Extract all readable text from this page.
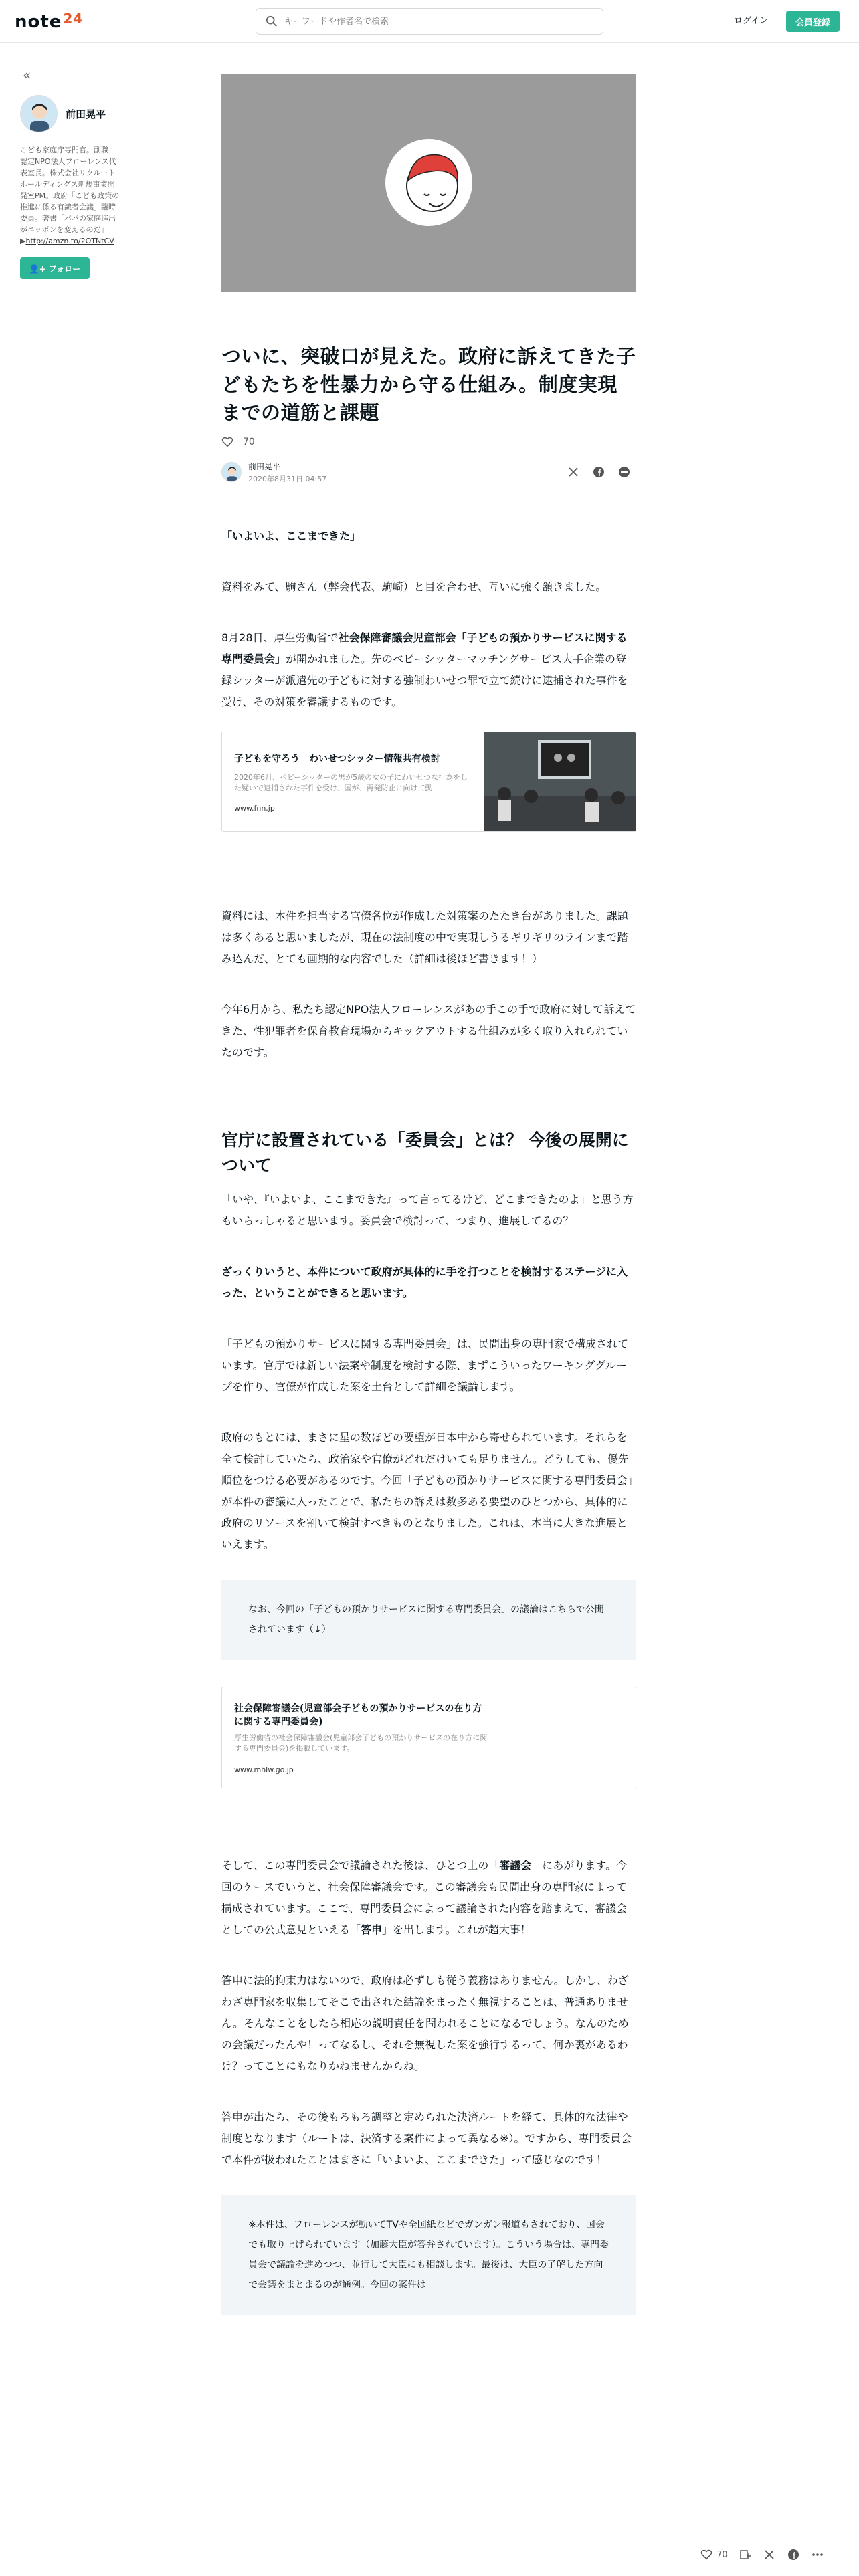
note 24
キーワードや作者名で検索	ログイン	会員登録
«
前田晃平
こども家庭庁専門官。副職：認定NPO法人フローレンス代表室長。株式会社リクルートホールディングス新規事業開発室PM。政府「こども政策の推進に係る有識者会議」臨時委員。著書「パパの家庭進出がニッポンを変えるのだ」
▶http://amzn.to/2OTNtCV
👤+ フォロー
ついに、突破口が見えた。政府に訴えてきた子どもたちを性暴力から守る仕組み。制度実現までの道筋と課題
70
前田晃平
2020年8月31日 04:57

「いよいよ、ここまできた」

資料をみて、駒さん（弊会代表、駒崎）と目を合わせ、互いに強く頷きました。

8月28日、厚生労働省で社会保障審議会児童部会「子どもの預かりサービスに関する専門委員会」が開かれました。先のベビーシッターマッチングサービス大手企業の登録シッターが派遣先の子どもに対する強制わいせつ罪で立て続けに逮捕された事件を受け、その対策を審議するものです。

子どもを守ろう　わいせつシッター情報共有検討
2020年6月、ベビーシッターの男が5歳の女の子にわいせつな行為をした疑いで逮捕された事件を受け、国が、再発防止に向けて動
www.fnn.jp

資料には、本件を担当する官僚各位が作成した対策案のたたき台がありました。課題は多くあると思いましたが、現在の法制度の中で実現しうるギリギリのラインまで踏み込んだ、とても画期的な内容でした（詳細は後ほど書きます！）

今年6月から、私たち認定NPO法人フローレンスがあの手この手で政府に対して訴えてきた、性犯罪者を保育教育現場からキックアウトする仕組みが多く取り入れられていたのです。

官庁に設置されている「委員会」とは？ 今後の展開について

「いや、『いよいよ、ここまできた』って言ってるけど、どこまできたのよ」と思う方もいらっしゃると思います。委員会で検討って、つまり、進展してるの？

ざっくりいうと、本件について政府が具体的に手を打つことを検討するステージに入った、ということができると思います。

「子どもの預かりサービスに関する専門委員会」は、民間出身の専門家で構成されています。官庁では新しい法案や制度を検討する際、まずこういったワーキンググループを作り、官僚が作成した案を土台として詳細を議論します。

政府のもとには、まさに星の数ほどの要望が日本中から寄せられています。それらを全て検討していたら、政治家や官僚がどれだけいても足りません。どうしても、優先順位をつける必要があるのです。今回「子どもの預かりサービスに関する専門委員会」が本件の審議に入ったことで、私たちの訴えは数多ある要望のひとつから、具体的に政府のリソースを割いて検討すべきものとなりました。これは、本当に大きな進展といえます。

なお、今回の「子どもの預かりサービスに関する専門委員会」の議論はこちらで公開されています（↓）
社会保障審議会(児童部会子どもの預かりサービスの在り方に関する専門委員会)
厚生労働省の社会保障審議会(児童部会子どもの預かりサービスの在り方に関する専門委員会)を掲載しています。
www.mhlw.go.jp

そして、この専門委員会で議論された後は、ひとつ上の「審議会」にあがります。今回のケースでいうと、社会保障審議会です。この審議会も民間出身の専門家によって構成されています。ここで、専門委員会によって議論された内容を踏まえて、審議会としての公式意見といえる「答申」を出します。これが超大事！

答申に法的拘束力はないので、政府は必ずしも従う義務はありません。しかし、わざわざ専門家を収集してそこで出された結論をまったく無視することは、普通ありません。そんなことをしたら相応の説明責任を問われることになるでしょう。なんのための会議だったんや！ってなるし、それを無視した案を強行するって、何か裏があるわけ？ってことにもなりかねませんからね。

答申が出たら、その後もろもろ調整と定められた決済ルートを経て、具体的な法律や制度となります（ルートは、決済する案件によって異なる※）。ですから、専門委員会で本件が扱われたことはまさに「いよいよ、ここまできた」って感じなのです！

※本件は、フローレンスが動いてTVや全国紙などでガンガン報道もされており、国会でも取り上げられています（加藤大臣が答弁されています）。こういう場合は、専門委員会で議論を進めつつ、並行して大臣にも相談します。最後は、大臣の了解した方向で会議をまとまるのが通例。今回の案件は
70
